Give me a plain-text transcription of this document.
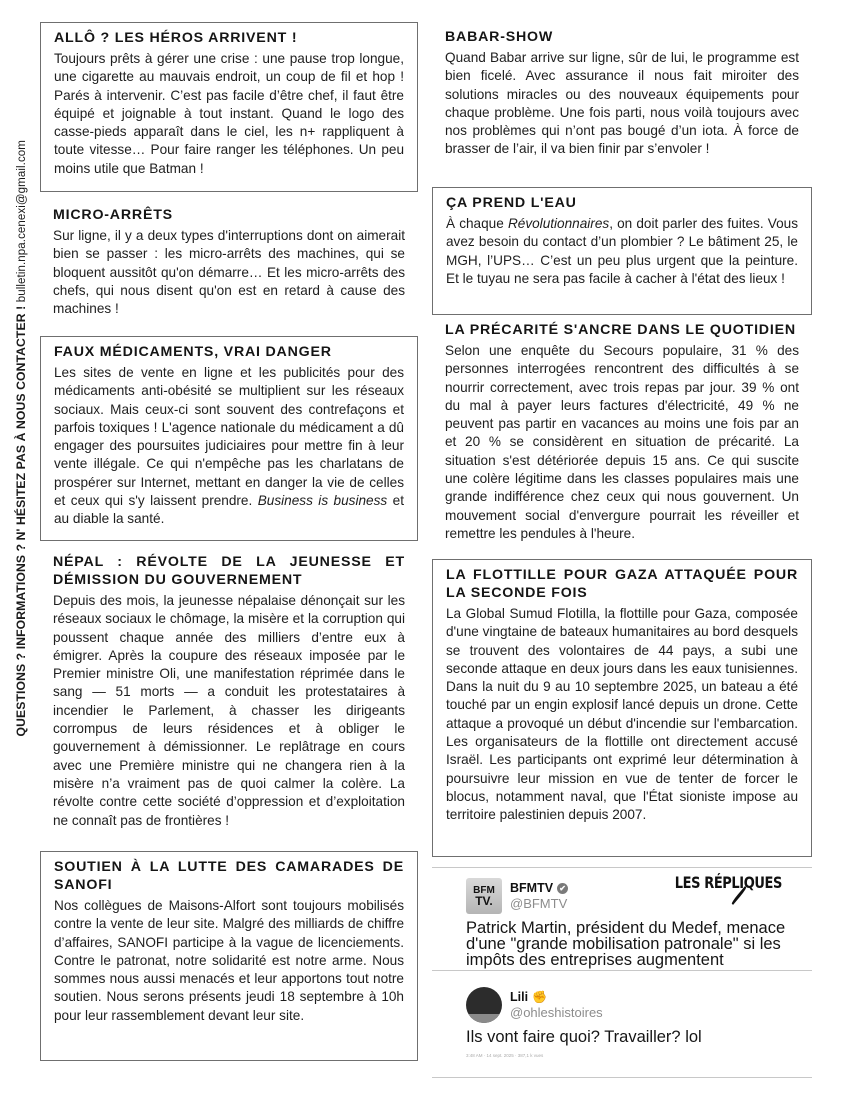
QUESTIONS ? INFORMATIONS ? N' HÉSITEZ PAS À NOUS CONTACTER ! bulletin.npa.cenexi@gmail.com
ALLÔ ? LES HÉROS ARRIVENT !

Toujours prêts à gérer une crise : une pause trop longue, une cigarette au mauvais endroit, un coup de fil et hop ! Parés à intervenir. C’est pas facile d’être chef, il faut être équipé et joignable à tout instant. Quand le logo des casse-pieds apparaît dans le ciel, les n+ rappliquent à toute vitesse… Pour faire ranger les téléphones. Un peu moins utile que Batman !

MICRO-ARRÊTS

Sur ligne, il y a deux types d'interruptions dont on aimerait bien se passer : les micro-arrêts des machines, qui se bloquent aussitôt qu'on démarre… Et les micro-arrêts des chefs, qui nous disent qu'on est en retard à cause des machines !

FAUX MÉDICAMENTS, VRAI DANGER

Les sites de vente en ligne et les publicités pour des médicaments anti-obésité se multiplient sur les réseaux sociaux. Mais ceux-ci sont souvent des contrefaçons et parfois toxiques ! L'agence nationale du médicament a dû engager des poursuites judiciaires pour mettre fin à leur vente illégale. Ce qui n'empêche pas les charlatans de prospérer sur Internet, mettant en danger la vie de celles et ceux qui s'y laissent prendre. Business is business et au diable la santé.

NÉPAL : RÉVOLTE DE LA JEUNESSE ET DÉMISSION DU GOUVERNEMENT

Depuis des mois, la jeunesse népalaise dénonçait sur les réseaux sociaux le chômage, la misère et la corruption qui poussent chaque année des milliers d’entre eux à émigrer. Après la coupure des réseaux imposée par le Premier ministre Oli, une manifestation réprimée dans le sang — 51 morts — a conduit les protestataires à incendier le Parlement, à chasser les dirigeants corrompus de leurs résidences et à obliger le gouvernement à démissionner. Le replâtrage en cours avec une Première ministre qui ne changera rien à la misère n’a vraiment pas de quoi calmer la colère. La révolte contre cette société d’oppression et d’exploitation ne connaît pas de frontières !

SOUTIEN À LA LUTTE DES CAMARADES DE SANOFI

Nos collègues de Maisons-Alfort sont toujours mobilisés contre la vente de leur site. Malgré des milliards de chiffre d’affaires, SANOFI participe à la vague de licenciements. Contre le patronat, notre solidarité est notre arme. Nous sommes nous aussi menacés et leur apportons tout notre soutien. Nous serons présents jeudi 18 septembre à 10h pour leur rassemblement devant leur site.

BABAR-SHOW

Quand Babar arrive sur ligne, sûr de lui, le programme est bien ficelé. Avec assurance il nous fait miroiter des solutions miracles ou des nouveaux équipements pour chaque problème. Une fois parti, nous voilà toujours avec nos problèmes qui n’ont pas bougé d’un iota. À force de brasser de l’air, il va bien finir par s’envoler !

ÇA PREND L'EAU

À chaque Révolutionnaires, on doit parler des fuites. Vous avez besoin du contact d’un plombier ? Le bâtiment 25, le MGH, l’UPS… C’est un peu plus urgent que la peinture. Et le tuyau ne sera pas facile à cacher à l'état des lieux !

LA PRÉCARITÉ S'ANCRE DANS LE QUOTIDIEN

Selon une enquête du Secours populaire, 31 % des personnes interrogées rencontrent des difficultés à se nourrir correctement, avec trois repas par jour. 39 % ont du mal à payer leurs factures d'électricité, 49 % ne peuvent pas partir en vacances au moins une fois par an et 20 % se considèrent en situation de précarité. La situation s'est détériorée depuis 15 ans. Ce qui suscite une colère légitime dans les classes populaires mais une grande indifférence chez ceux qui nous gouvernent. Un mouvement social d'envergure pourrait les réveiller et remettre les pendules à l'heure.

LA FLOTTILLE POUR GAZA ATTAQUÉE POUR LA SECONDE FOIS

La Global Sumud Flotilla, la flottille pour Gaza, composée d'une vingtaine de bateaux humanitaires au bord desquels se trouvent des volontaires de 44 pays, a subi une seconde attaque en deux jours dans les eaux tunisiennes. Dans la nuit du 9 au 10 septembre 2025, un bateau a été touché par un engin explosif lancé depuis un drone. Cette attaque a provoqué un début d'incendie sur l'embarcation. Les organisateurs de la flottille ont directement accusé Israël. Les participants ont exprimé leur détermination à poursuivre leur mission en vue de tenter de forcer le blocus, notamment naval, que l'État sioniste impose au territoire palestinien depuis 2007.

BFM
TV.
BFMTV ✔
@BFMTV
LES RÉPLIQUES
Patrick Martin, président du Medef, menace d'une "grande mobilisation patronale" si les impôts des entreprises augmentent
Lili ✊
@ohleshistoires
Ils vont faire quoi? Travailler? lol
3:48 AM · 14 sept. 2025 · 387,1 k vues
